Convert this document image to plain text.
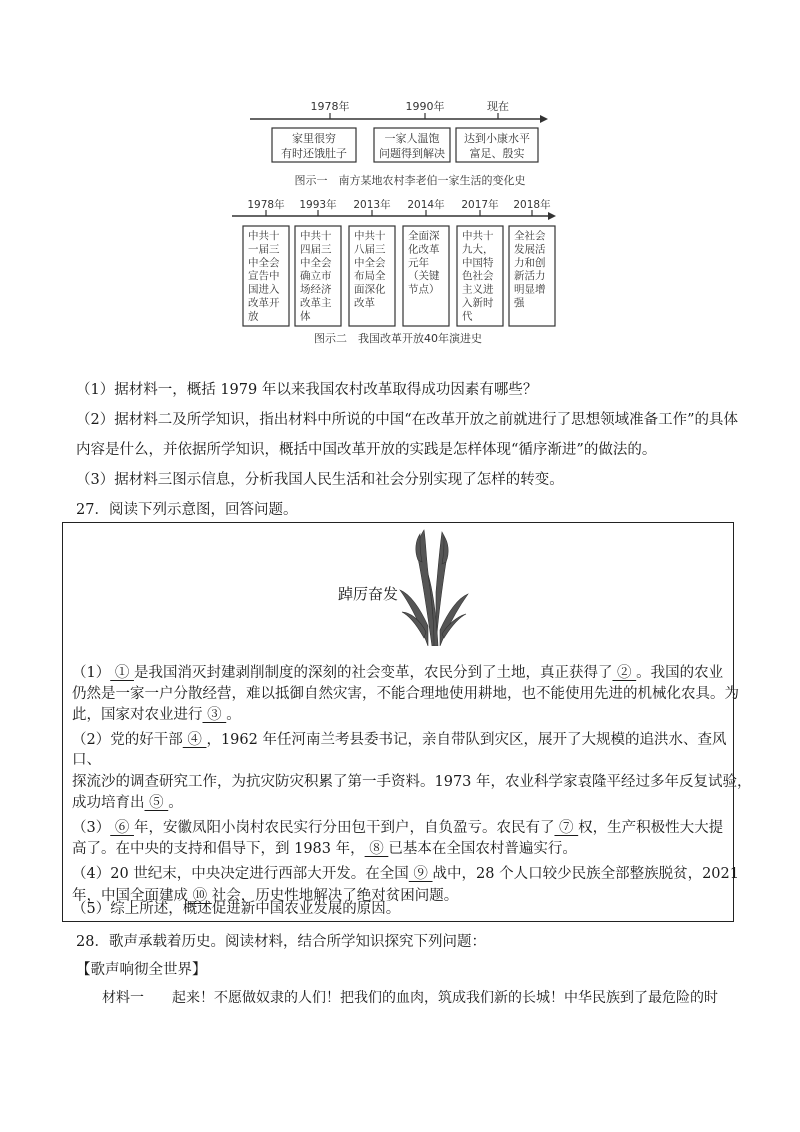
1978年	1990年	现在
家里很穷
有时还饿肚子
一家人温饱
问题得到解决
达到小康水平
富足、殷实
图示一　南方某地农村李老伯一家生活的变化史
1978年
中共十
一届三
中全会
宣告中
国进入
改革开
放
1993年
中共十
四届三
中全会
确立市
场经济
改革主
体
2013年
中共十
八届三
中全会
布局全
面深化
改革
2014年
全面深
化改革
元年
（关键
节点）
2017年
中共十
九大，
中国特
色社会
主义进
入新时
代
2018年
全社会
发展活
力和创
新活力
明显增
强
图示二　我国改革开放40年演进史
（1）据材料一，概括 1979 年以来我国农村改革取得成功因素有哪些？
（2）据材料二及所学知识，指出材料中所说的中国“在改革开放之前就进行了思想领域准备工作”的具体
内容是什么，并依据所学知识，概括中国改革开放的实践是怎样体现“循序渐进”的做法的。
（3）据材料三图示信息，分析我国人民生活和社会分别实现了怎样的转变。
27．阅读下列示意图，回答问题。
踔厉奋发
（1） ① 是我国消灭封建剥削制度的深刻的社会变革，农民分到了土地，真正获得了 ② 。我国的农业
仍然是一家一户分散经营，难以抵御自然灾害，不能合理地使用耕地，也不能使用先进的机械化农具。为
此，国家对农业进行 ③ 。
（2）党的好干部 ④ ，1962 年任河南兰考县委书记，亲自带队到灾区，展开了大规模的追洪水、查风
口、
探流沙的调查研究工作，为抗灾防灾积累了第一手资料。1973 年，农业科学家袁隆平经过多年反复试验，
成功培育出 ⑤ 。
（3） ⑥ 年，安徽凤阳小岗村农民实行分田包干到户，自负盈亏。农民有了 ⑦ 权，生产积极性大大提
高了。在中央的支持和倡导下，到 1983 年， ⑧ 已基本在全国农村普遍实行。
（4）20 世纪末，中央决定进行西部大开发。在全国 ⑨ 战中，28 个人口较少民族全部整族脱贫，2021
年，中国全面建成 ⑩ 社会，历史性地解决了绝对贫困问题。
（5）综上所述，概述促进新中国农业发展的原因。
28．歌声承载着历史。阅读材料，结合所学知识探究下列问题：
【歌声响彻全世界】
材料一　　起来！不愿做奴隶的人们！把我们的血肉，筑成我们新的长城！中华民族到了最危险的时
